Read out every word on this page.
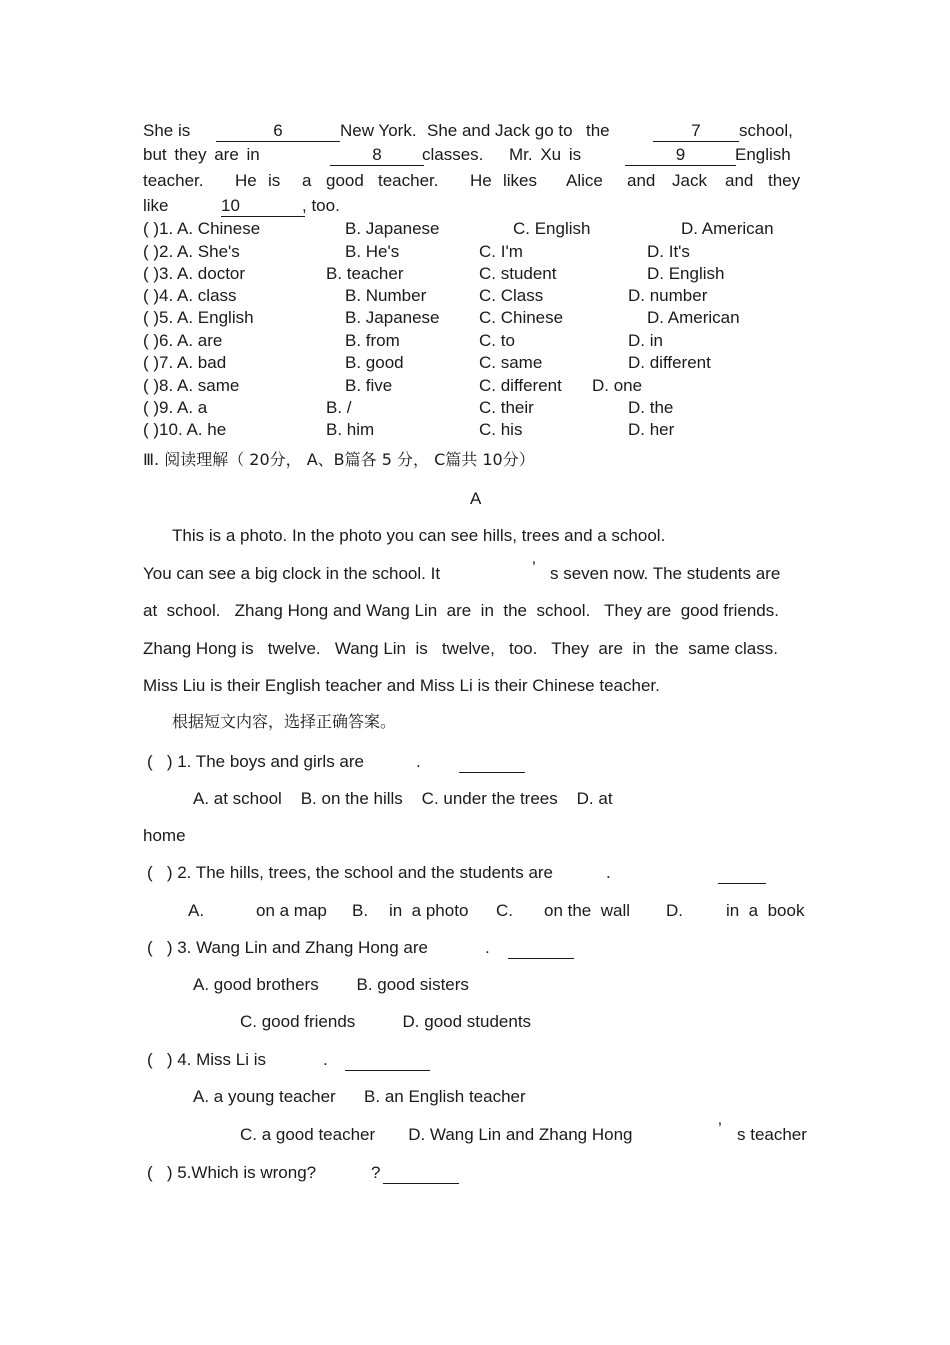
She is	6	New York. She and Jack go to the	7	school,
but they are in	8	classes. Mr. Xu is	9	English
teacher. He is a good teacher. He likes Alice and Jack and they
like	10	, too.
( )1. A. Chinese	B. Japanese	C. English	D. American
( )2. A. She's	B. He's	C. I'm	D. It's
( )3. A. doctor	B. teacher	C. student	D. English
( )4. A. class	B. Number	C. Class	D. number
( )5. A. English	B. Japanese C. Chinese	D. American
( )6. A. are	B. from	C. to	D. in
( )7. A. bad	B. good	C. same	D. different
( )8. A. same	B. five	C. different D. one
( )9. A. a	B. /	C. their	D. the
( )10. A. he	B. him	C. his	D. her
Ⅲ. 阅读理解（ 20分， A、B篇各 5 分， C篇共 10分）
A
This is a photo. In the photo you can see hills, trees and a school.
You can see a big clock in the school. It	’ s seven now. The students are
at  school.   Zhang Hong and Wang Lin  are  in  the  school.   They are  good friends.
Zhang Hong is   twelve.   Wang Lin  is   twelve,   too.   They  are  in  the  same class.
Miss Liu is their English teacher and Miss Li is their Chinese teacher.
根据短文内容，选择正确答案。
(   ) 1. The boys and girls are	.
A. at school    B. on the hills    C. under the trees    D. at
home
(   ) 2. The hills, trees, the school and the students are	.
A.	on a map B. in  a photo C. on the  wall D.	in  a  book
(   ) 3. Wang Lin and Zhang Hong are	.
A. good brothers        B. good sisters
C. good friends          D. good students
(   ) 4. Miss Li is	.
A. a young teacher      B. an English teacher
C. a good teacher       D. Wang Lin and Zhang Hong	’ s teacher
(   ) 5.Which is wrong?	?
